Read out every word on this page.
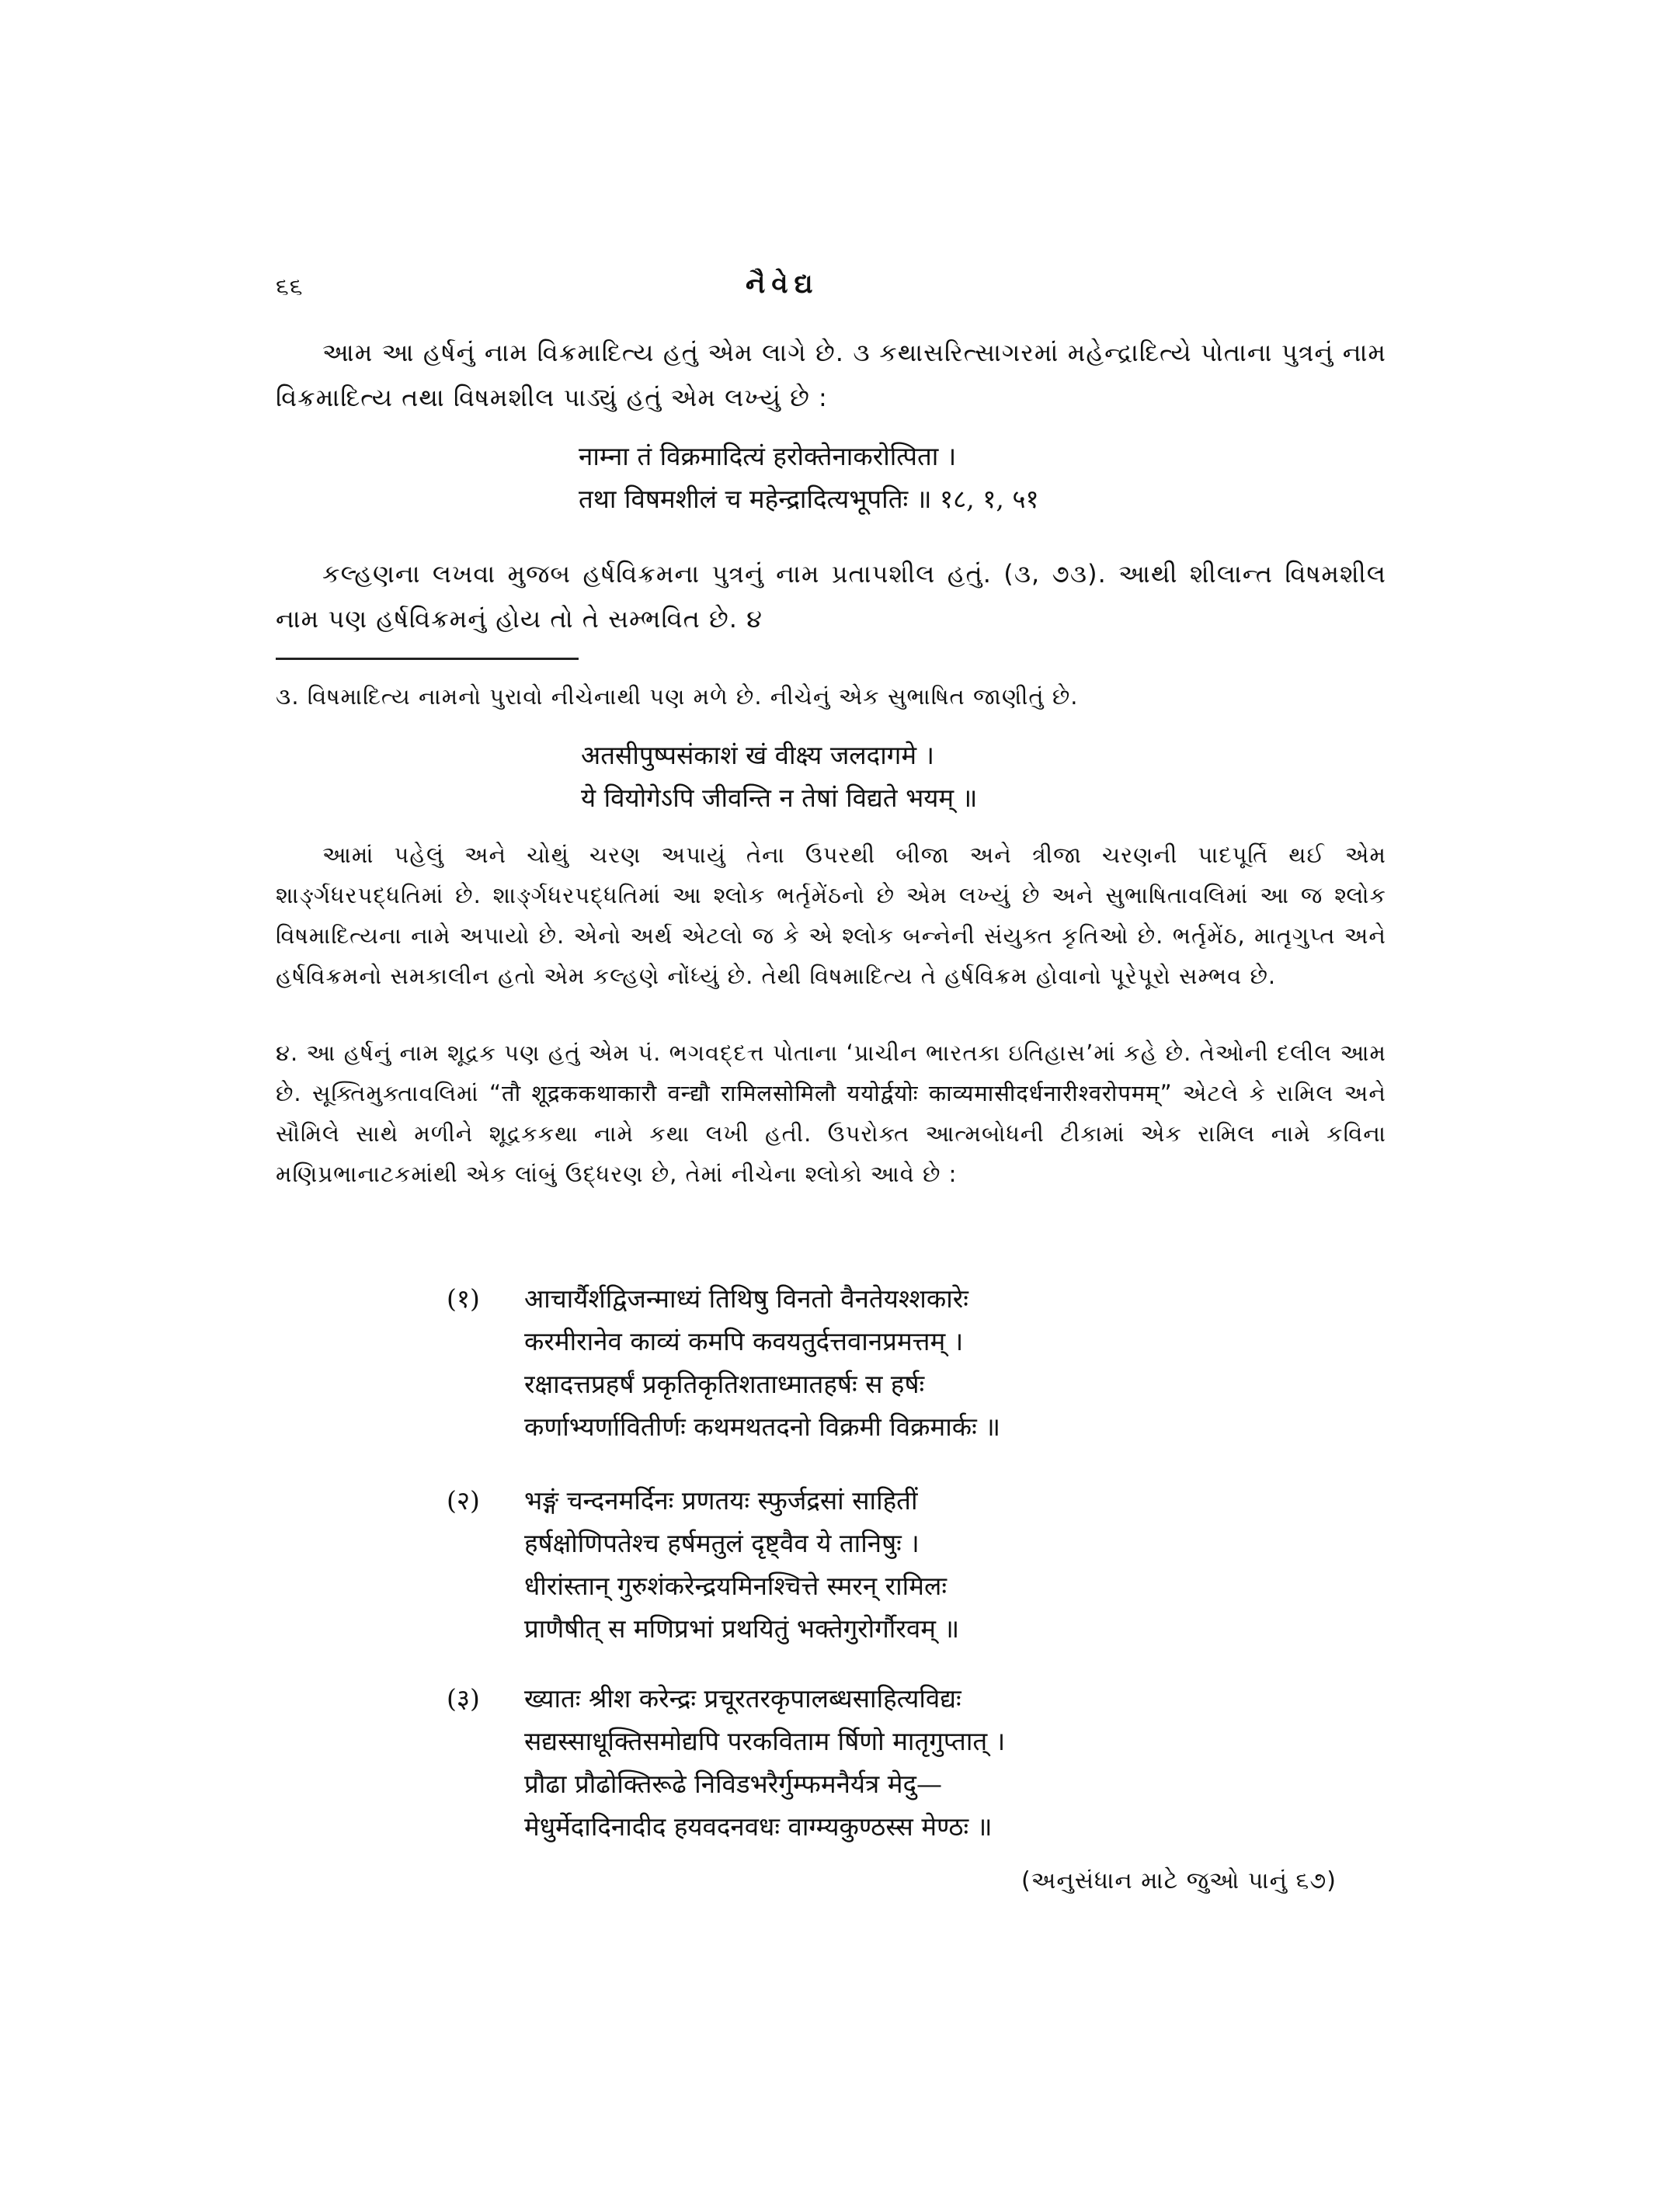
૬૬	નૈવેદ્ય
આમ આ હર્ષનું નામ વિક્રમાદિત્ય હતું એમ લાગે છે. ૩ કથાસરિત્સાગરમાં મહેન્દ્રાદિત્યે પોતાના પુત્રનું નામ વિક્રમાદિત્ય તથા વિષમશીલ પાડ્યું હતું એમ લખ્યું છે :
नाम्ना तं विक्रमादित्यं हरोक्तेनाकरोत्पिता ।
तथा विषमशीलं च महेन्द्रादित्यभूपतिः ॥ १८, १, ५१
કલ્હણના લખવા મુજબ હર્ષવિક્રમના પુત્રનું નામ પ્રતાપશીલ હતું. (૩, ૭૩). આથી શીલાન્ત વિષમશીલ નામ પણ હર્ષવિક્રમનું હોય તો તે સમ્ભવિત છે. ૪
૩. વિષમાદિત્ય નામનો પુરાવો નીચેનાથી પણ મળે છે. નીચેનું એક સુભાષિત જાણીતું છે.
अतसीपुष्पसंकाशं खं वीक्ष्य जलदागमे ।
ये वियोगेऽपि जीवन्ति न तेषां विद्यते भयम् ॥
આમાં પહેલું અને ચોથું ચરણ અપાયું તેના ઉપરથી બીજા અને ત્રીજા ચરણની પાદપૂર્તિ થઈ એમ શાર્ઙ્ગધરપદ્ધતિમાં છે. શાર્ઙ્ગધરપદ્ધતિમાં આ શ્લોક ભર્તૃમેંઠનો છે એમ લખ્યું છે અને સુભાષિતાવલિમાં આ જ શ્લોક વિષમાદિત્યના નામે અપાયો છે. એનો અર્થ એટલો જ કે એ શ્લોક બન્નેની સંયુક્ત કૃતિઓ છે. ભર્તૃમેંઠ, માતૃગુપ્ત અને હર્ષવિક્રમનો સમકાલીન હતો એમ કલ્હણે નોંધ્યું છે. તેથી વિષમાદિત્ય તે હર્ષવિક્રમ હોવાનો પૂરેપૂરો સમ્ભવ છે.
૪. આ હર્ષનું નામ શૂદ્રક પણ હતું એમ પં. ભગવદ્દત્ત પોતાના ‘પ્રાચીન ભારતકા ઇતિહાસ’માં કહે છે. તેઓની દલીલ આમ છે. સૂક્તિમુક્તાવલિમાં “तौ शूद्रककथाकारौ वन्द्यौ रामिलसोमिलौ ययोर्द्वयोः काव्यमासीदर्धनारीश्वरोपमम्” એટલે કે રામિલ અને સૌમિલે સાથે મળીને શૂદ્રકકથા નામે કથા લખી હતી. ઉપરોક્ત આત્મબોધની ટીકામાં એક રામિલ નામે કવિના મણિપ્રભાનાટકમાંથી એક લાંબું ઉદ્ધરણ છે, તેમાં નીચેના શ્લોકો આવે છે :
(१) आचार्यैर्शद्विजन्माध्यं तिथिषु विनतो वैनतेयश्शकारेः
करमीरानेव काव्यं कमपि कवयतुर्दत्तवानप्रमत्तम् ।
रक्षादत्तप्रहर्षं प्रकृतिकृतिशताध्मातहर्षः स हर्षः
कर्णाभ्यर्णावितीर्णः कथमथतदनो विक्रमी विक्रमार्कः ॥
(२) भङ्गं चन्दनमर्दिनः प्रणतयः स्फुर्जद्रसां साहितीं
हर्षक्षोणिपतेश्च हर्षमतुलं दृष्ट्वैव ये तानिषुः ।
धीरांस्तान् गुरुशंकरेन्द्रयमिनश्चित्ते स्मरन् रामिलः
प्राणैषीत् स मणिप्रभां प्रथयितुं भक्तेगुरोर्गौरवम् ॥
(३) ख्यातः श्रीश करेन्द्रः प्रचूरतरकृपालब्धसाहित्यविद्यः
सद्यस्साधूक्तिसमोद्यपि परकविताम र्षिणो मातृगुप्तात् ।
प्रौढा प्रौढोक्तिरूढे निविडभरैर्गुम्फमनैर्यत्र मेदु—
मेधुर्मेदादिनादीद हयवदनवधः वाग्म्यकुण्ठस्स मेण्ठः ॥
(અનુસંધાન માટે જુઓ પાનું ૬૭)
